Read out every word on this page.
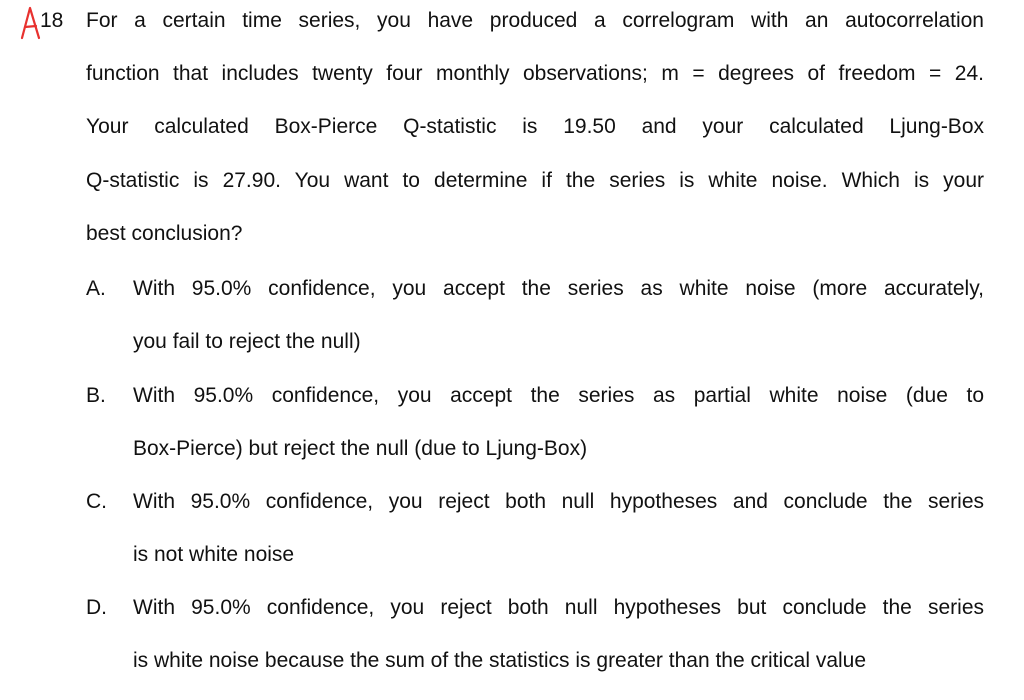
18 For a certain time series, you have produced a correlogram with an autocorrelation
function that includes twenty four monthly observations; m = degrees of freedom = 24.
Your calculated Box-Pierce Q-statistic is 19.50 and your calculated Ljung-Box
Q-statistic is 27.90. You want to determine if the series is white noise. Which is your
best conclusion?
A. With 95.0% confidence, you accept the series as white noise (more accurately,
you fail to reject the null)
B. With 95.0% confidence, you accept the series as partial white noise (due to
Box-Pierce) but reject the null (due to Ljung-Box)
C. With 95.0% confidence, you reject both null hypotheses and conclude the series
is not white noise
D. With 95.0% confidence, you reject both null hypotheses but conclude the series
is white noise because the sum of the statistics is greater than the critical value
